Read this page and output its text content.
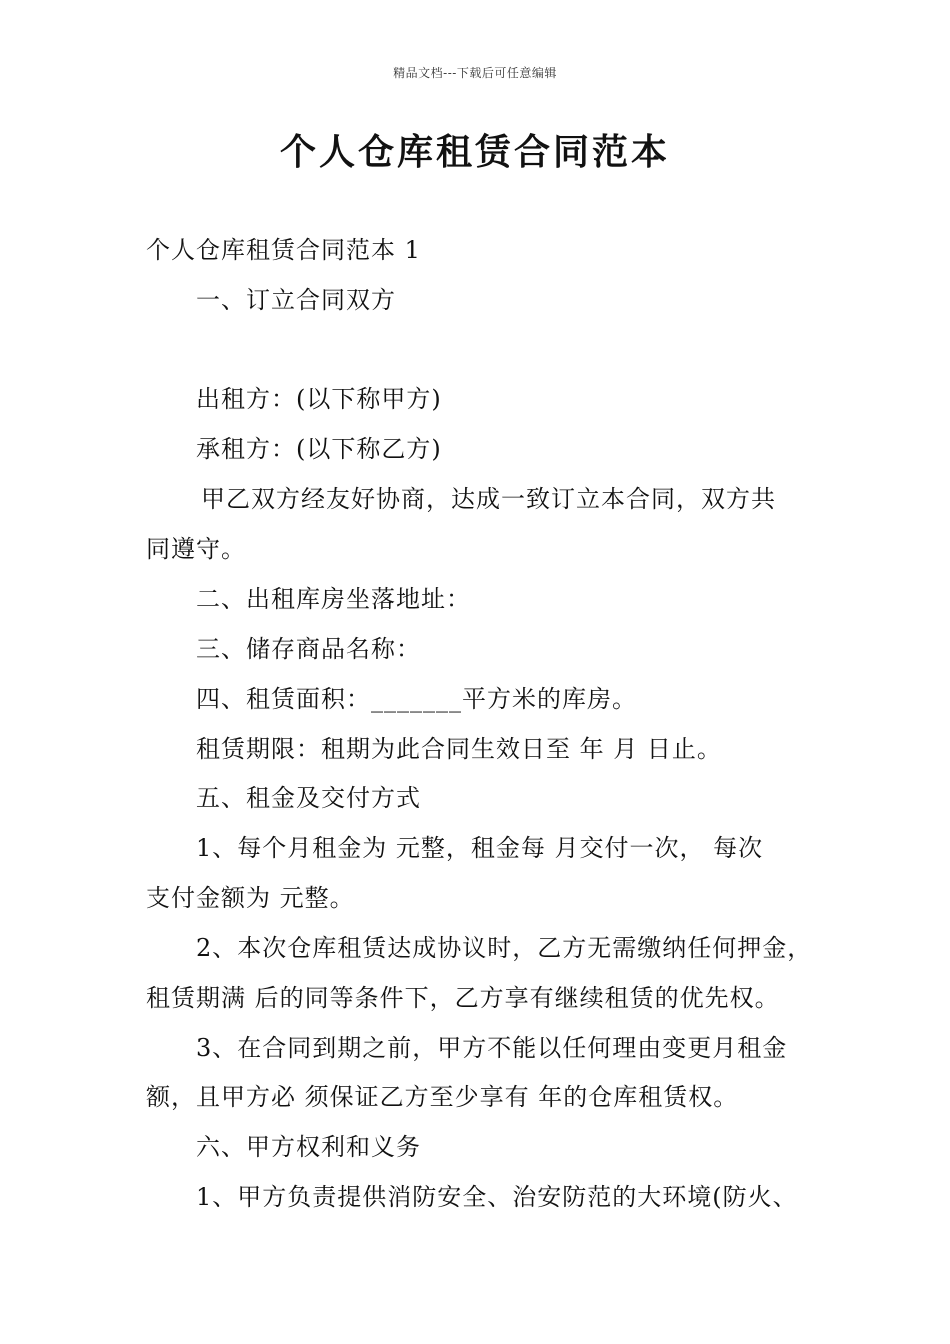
精品文档---下载后可任意编辑
个人仓库租赁合同范本
个人仓库租赁合同范本 1
一、订立合同双方
出租方：(以下称甲方)
承租方：(以下称乙方)
甲乙双方经友好协商，达成一致订立本合同，双方共
同遵守。
二、出租库房坐落地址：
三、储存商品名称：
四、租赁面积：_______平方米的库房。
租赁期限：租期为此合同生效日至 年 月 日止。
五、租金及交付方式
1、每个月租金为 元整，租金每 月交付一次， 每次
支付金额为 元整。
2、本次仓库租赁达成协议时，乙方无需缴纳任何押金，
租赁期满 后的同等条件下，乙方享有继续租赁的优先权。
3、在合同到期之前，甲方不能以任何理由变更月租金
额，且甲方必 须保证乙方至少享有 年的仓库租赁权。
六、甲方权利和义务
1、甲方负责提供消防安全、治安防范的大环境(防火、
